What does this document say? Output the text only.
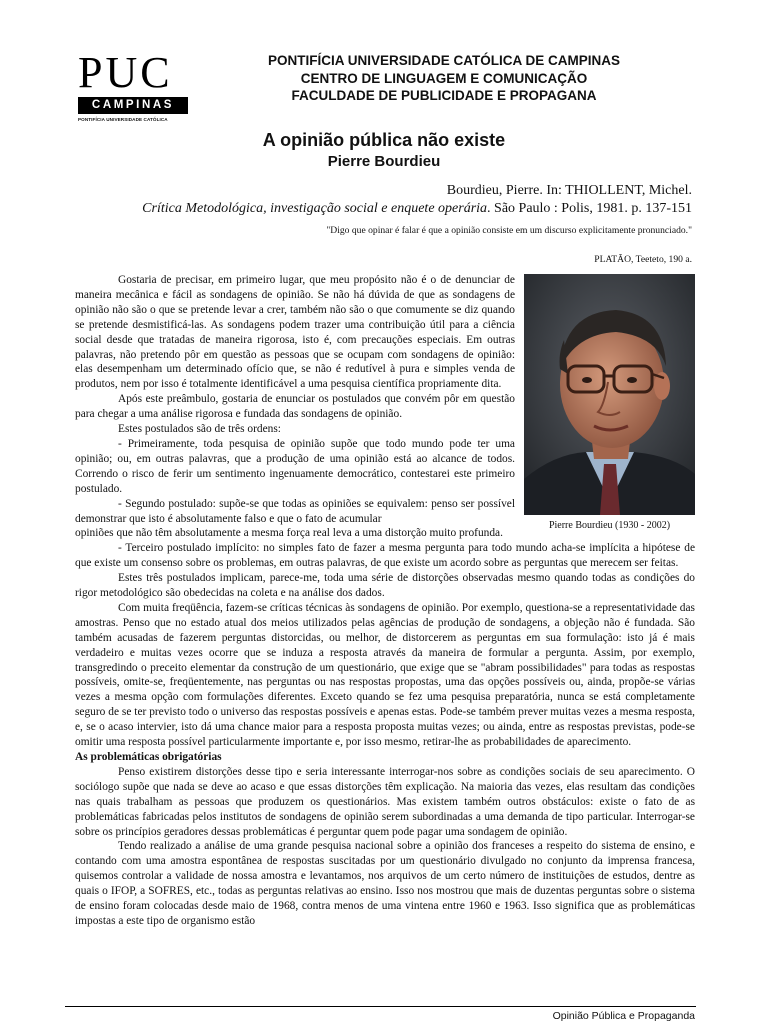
PUC
CAMPINAS
PONTIFÍCIA UNIVERSIDADE CATÓLICA
PONTIFÍCIA UNIVERSIDADE CATÓLICA DE CAMPINAS
CENTRO DE LINGUAGEM E COMUNICAÇÃO
FACULDADE DE PUBLICIDADE E PROPAGANA
A opinião pública não existe
Pierre Bourdieu
Bourdieu, Pierre. In: THIOLLENT, Michel.
Crítica Metodológica, investigação social e enquete operária. São Paulo : Polis, 1981. p. 137-151
"Digo que opinar é falar é que a opinião consiste em um discurso explicitamente pronunciado."
PLATÃO, Teeteto, 190 a.
Pierre Bourdieu (1930 - 2002)

Gostaria de precisar, em primeiro lugar, que meu propósito não é o de denunciar de maneira mecânica e fácil as sondagens de opinião. Se não há dúvida de que as sondagens de opinião não são o que se pretende levar a crer, também não são o que comumente se diz quando se pretende desmistificá-las. As sondagens podem trazer uma contribuição útil para a ciência social desde que tratadas de maneira rigorosa, isto é, com precauções especiais. Em outras palavras, não pretendo pôr em questão as pessoas que se ocupam com sondagens de opinião: elas desempenham um determinado ofício que, se não é redutível à pura e simples venda de produtos, nem por isso é totalmente identificável a uma pesquisa científica propriamente dita.

Após este preâmbulo, gostaria de enunciar os postulados que convém pôr em questão para chegar a uma análise rigorosa e fundada das sondagens de opinião.

Estes postulados são de três ordens:

- Primeiramente, toda pesquisa de opinião supõe que todo mundo pode ter uma opinião; ou, em outras palavras, que a produção de uma opinião está ao alcance de todos. Correndo o risco de ferir um sentimento ingenuamente democrático, contestarei este primeiro postulado.

- Segundo postulado: supõe-se que todas as opiniões se equivalem: penso ser possível demonstrar que isto é absolutamente falso e que o fato de acumular

opiniões que não têm absolutamente a mesma força real leva a uma distorção muito profunda.

- Terceiro postulado implícito: no simples fato de fazer a mesma pergunta para todo mundo acha-se implícita a hipótese de que existe um consenso sobre os problemas, em outras palavras, de que existe um acordo sobre as perguntas que merecem ser feitas.

Estes três postulados implicam, parece-me, toda uma série de distorções observadas mesmo quando todas as condições do rigor metodológico são obedecidas na coleta e na análise dos dados.

Com muita freqüência, fazem-se críticas técnicas às sondagens de opinião. Por exemplo, questiona-se a representatividade das amostras. Penso que no estado atual dos meios utilizados pelas agências de produção de sondagens, a objeção não é fundada. São também acusadas de fazerem perguntas distorcidas, ou melhor, de distorcerem as perguntas em sua formulação: isto já é mais verdadeiro e muitas vezes ocorre que se induza a resposta através da maneira de formular a pergunta. Assim, por exemplo, transgredindo o preceito elementar da construção de um questionário, que exige que se "abram possibilidades" para todas as respostas possíveis, omite-se, freqüentemente, nas perguntas ou nas respostas propostas, uma das opções possíveis ou, ainda, propõe-se várias vezes a mesma opção com formulações diferentes. Exceto quando se fez uma pesquisa preparatória, nunca se está completamente seguro de se ter previsto todo o universo das respostas possíveis e apenas estas. Pode-se também prever muitas vezes a mesma resposta, e, se o acaso intervier, isto dá uma chance maior para a resposta proposta muitas vezes; ou ainda, entre as respostas previstas, pode-se omitir uma resposta possível particularmente importante e, por isso mesmo, retirar-lhe as probabilidades de aparecimento.

As problemáticas obrigatórias

Penso existirem distorções desse tipo e seria interessante interrogar-nos sobre as condições sociais de seu aparecimento. O sociólogo supõe que nada se deve ao acaso e que essas distorções têm explicação. Na maioria das vezes, elas resultam das condições nas quais trabalham as pessoas que produzem os questionários. Mas existem também outros obstáculos: existe o fato de as problemáticas fabricadas pelos institutos de sondagens de opinião serem subordinadas a uma demanda de tipo particular. Interrogar-se sobre os princípios geradores dessas problemáticas é perguntar quem pode pagar uma sondagem de opinião.

Tendo realizado a análise de uma grande pesquisa nacional sobre a opinião dos franceses a respeito do sistema de ensino, e contando com uma amostra espontânea de respostas suscitadas por um questionário divulgado no conjunto da imprensa francesa, quisemos controlar a validade de nossa amostra e levantamos, nos arquivos de um certo número de instituições de estudos, dentre as quais o IFOP, a SOFRES, etc., todas as perguntas relativas ao ensino. Isso nos mostrou que mais de duzentas perguntas sobre o sistema de ensino foram colocadas desde maio de 1968, contra menos de uma vintena entre 1960 e 1963. Isso significa que as problemáticas impostas a este tipo de organismo estão

Opinião Pública e Propaganda
